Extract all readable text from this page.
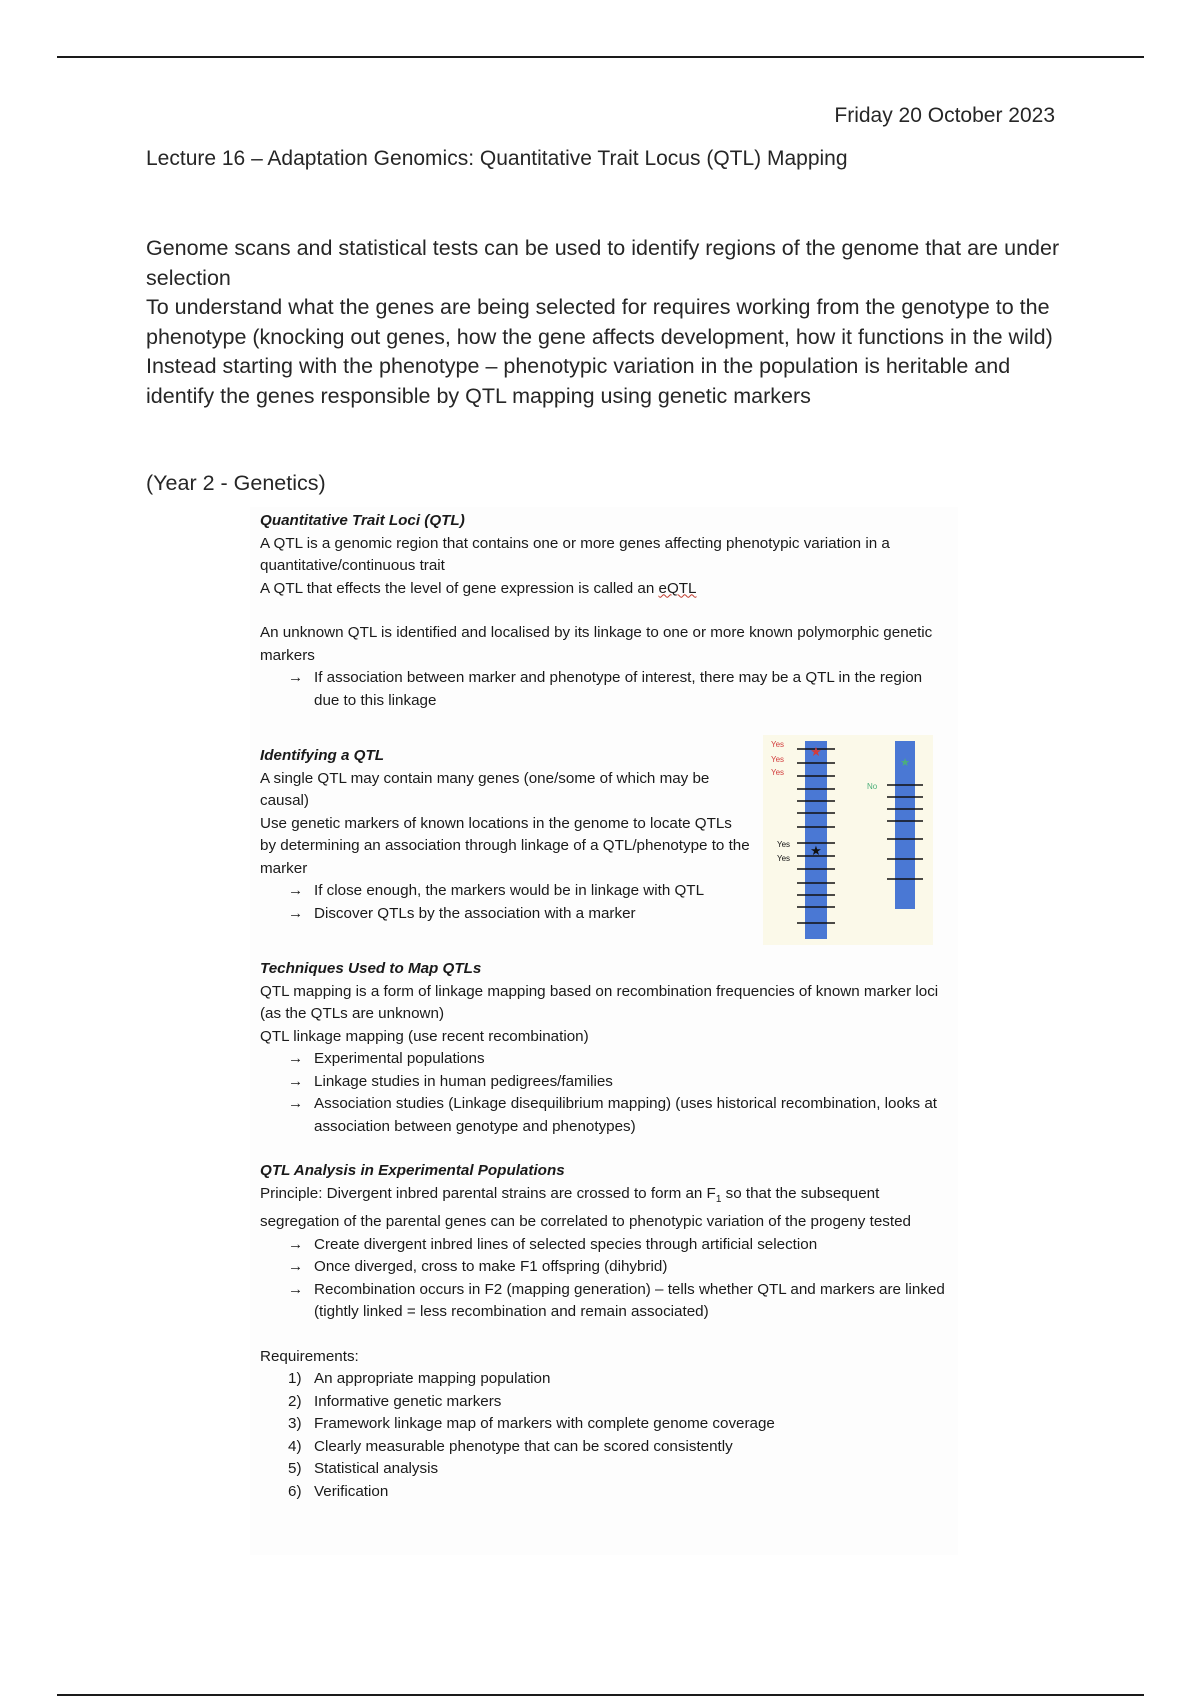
Friday 20 October 2023
Lecture 16 – Adaptation Genomics: Quantitative Trait Locus (QTL) Mapping

Genome scans and statistical tests can be used to identify regions of the genome that are under selection

To understand what the genes are being selected for requires working from the genotype to the phenotype (knocking out genes, how the gene affects development, how it functions in the wild)

Instead starting with the phenotype – phenotypic variation in the population is heritable and identify the genes responsible by QTL mapping using genetic markers

(Year 2 - Genetics)

Quantitative Trait Loci (QTL)

A QTL is a genomic region that contains one or more genes affecting phenotypic variation in a quantitative/continuous trait

A QTL that effects the level of gene expression is called an eQTL

An unknown QTL is identified and localised by its linkage to one or more known polymorphic genetic markers

→ If association between marker and phenotype of interest, there may be a QTL in the region due to this linkage

Identifying a QTL

A single QTL may contain many genes (one/some of which may be causal)

Use genetic markers of known locations in the genome to locate QTLs by determining an association through linkage of a QTL/phenotype to the marker

→ If close enough, the markers would be in linkage with QTL
→ Discover QTLs by the association with a marker

Techniques Used to Map QTLs

QTL mapping is a form of linkage mapping based on recombination frequencies of known marker loci (as the QTLs are unknown)

QTL linkage mapping (use recent recombination)

→ Experimental populations
→ Linkage studies in human pedigrees/families
→ Association studies (Linkage disequilibrium mapping) (uses historical recombination, looks at association between genotype and phenotypes)

QTL Analysis in Experimental Populations

Principle: Divergent inbred parental strains are crossed to form an $F_1$ so that the subsequent segregation of the parental genes can be correlated to phenotypic variation of the progeny tested

→ Create divergent inbred lines of selected species through artificial selection
→ Once diverged, cross to make F1 offspring (dihybrid)
→ Recombination occurs in F2 (mapping generation) – tells whether QTL and markers are linked (tightly linked = less recombination and remain associated)

Requirements:

1) An appropriate mapping population
2) Informative genetic markers
3) Framework linkage map of markers with complete genome coverage
4) Clearly measurable phenotype that can be scored consistently
5) Statistical analysis
6) Verification
★
★
Yes
Yes
Yes
Yes
Yes
★
No
